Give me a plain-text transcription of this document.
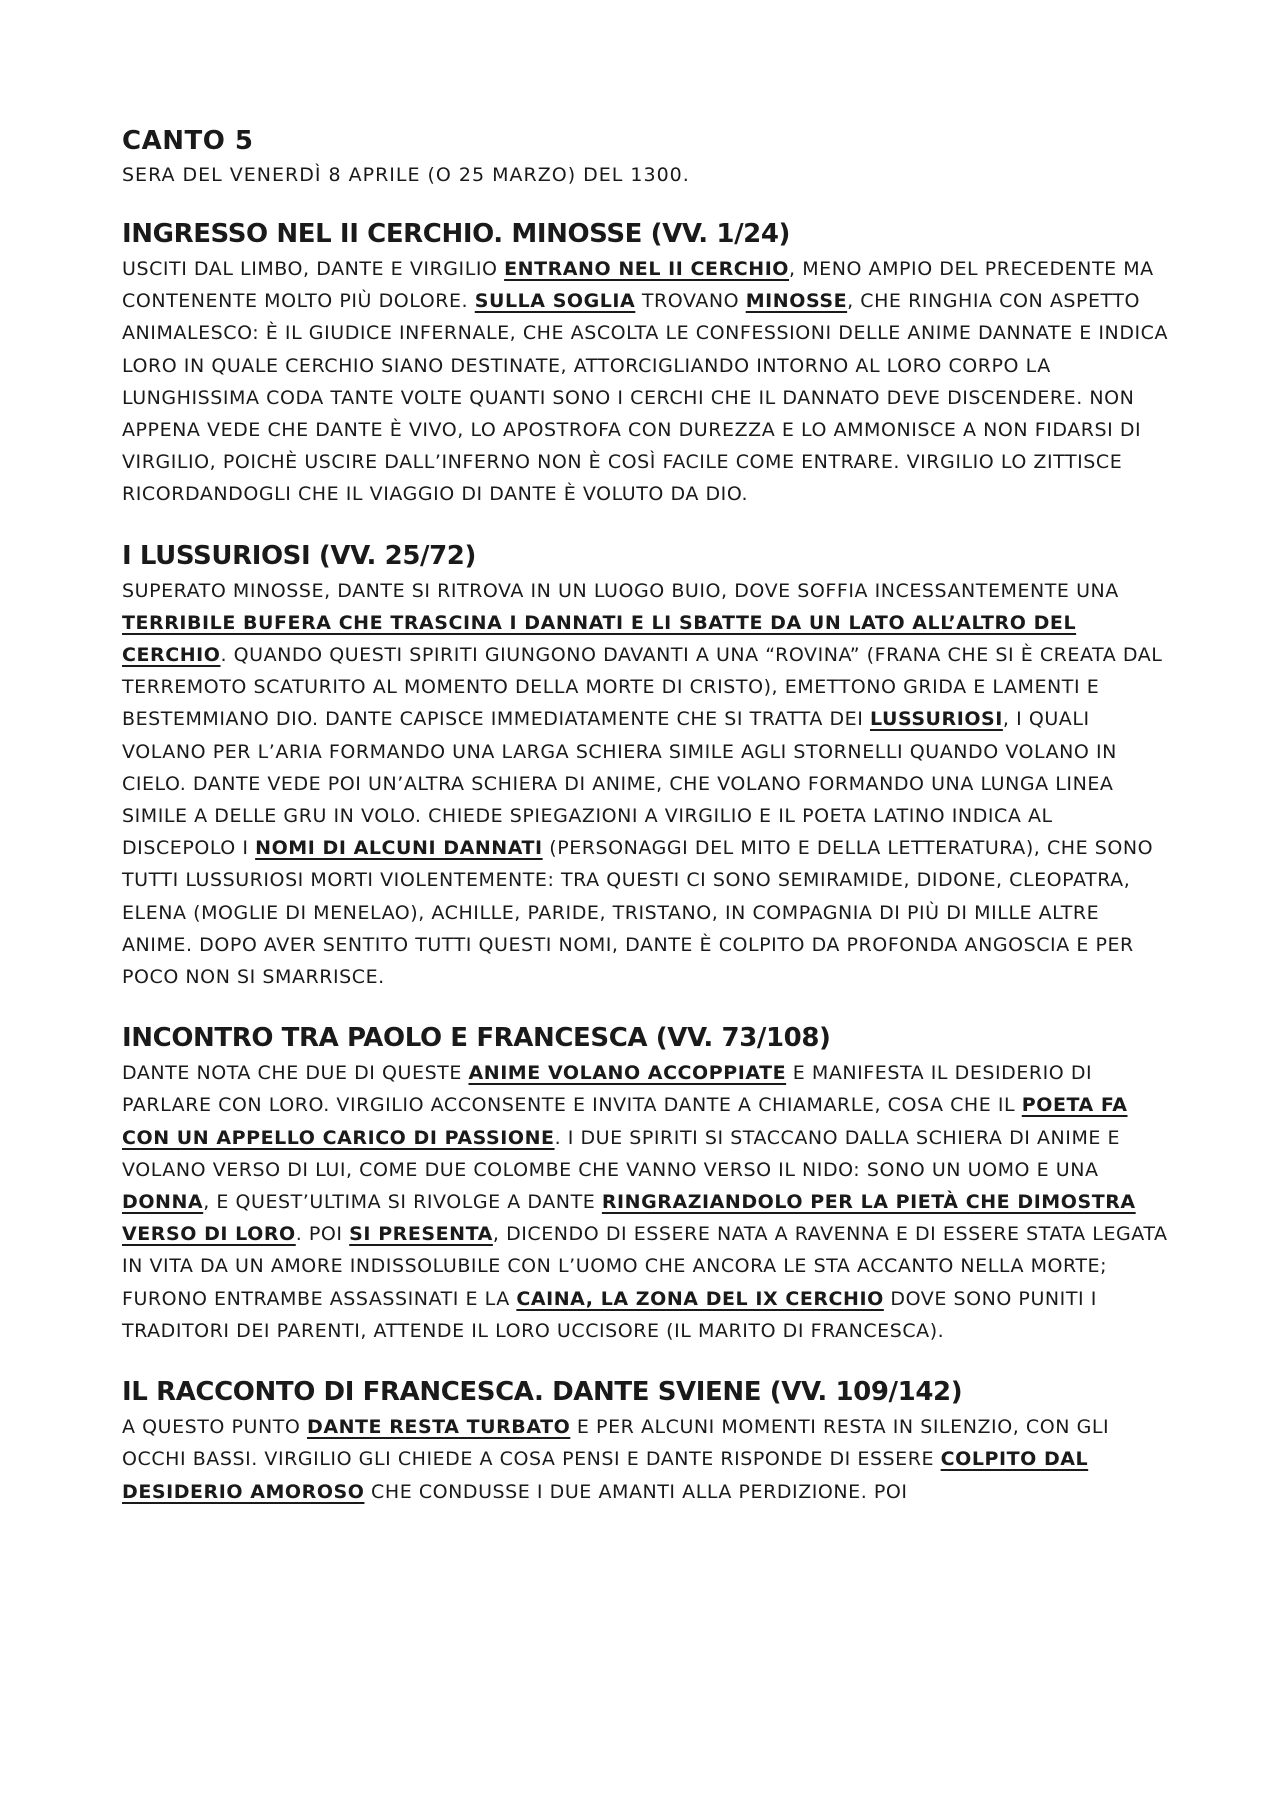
CANTO 5

SERA DEL VENERDÌ 8 APRILE (O 25 MARZO) DEL 1300.

INGRESSO NEL II CERCHIO. MINOSSE (VV. 1/24)

USCITI DAL LIMBO, DANTE E VIRGILIO ENTRANO NEL II CERCHIO, MENO AMPIO DEL PRECEDENTE MA CONTENENTE MOLTO PIÙ DOLORE. SULLA SOGLIA TROVANO MINOSSE, CHE RINGHIA CON ASPETTO ANIMALESCO: È IL GIUDICE INFERNALE, CHE ASCOLTA LE CONFESSIONI DELLE ANIME DANNATE E INDICA LORO IN QUALE CERCHIO SIANO DESTINATE, ATTORCIGLIANDO INTORNO AL LORO CORPO LA LUNGHISSIMA CODA TANTE VOLTE QUANTI SONO I CERCHI CHE IL DANNATO DEVE DISCENDERE. NON APPENA VEDE CHE DANTE È VIVO, LO APOSTROFA CON DUREZZA E LO AMMONISCE A NON FIDARSI DI VIRGILIO, POICHÈ USCIRE DALL’INFERNO NON È COSÌ FACILE COME ENTRARE. VIRGILIO LO ZITTISCE RICORDANDOGLI CHE IL VIAGGIO DI DANTE È VOLUTO DA DIO.

I LUSSURIOSI (VV. 25/72)

SUPERATO MINOSSE, DANTE SI RITROVA IN UN LUOGO BUIO, DOVE SOFFIA INCESSANTEMENTE UNA TERRIBILE BUFERA CHE TRASCINA I DANNATI E LI SBATTE DA UN LATO ALL’ALTRO DEL CERCHIO. QUANDO QUESTI SPIRITI GIUNGONO DAVANTI A UNA “ROVINA” (FRANA CHE SI È CREATA DAL TERREMOTO SCATURITO AL MOMENTO DELLA MORTE DI CRISTO), EMETTONO GRIDA E LAMENTI E BESTEMMIANO DIO. DANTE CAPISCE IMMEDIATAMENTE CHE SI TRATTA DEI LUSSURIOSI, I QUALI VOLANO PER L’ARIA FORMANDO UNA LARGA SCHIERA SIMILE AGLI STORNELLI QUANDO VOLANO IN CIELO. DANTE VEDE POI UN’ALTRA SCHIERA DI ANIME, CHE VOLANO FORMANDO UNA LUNGA LINEA SIMILE A DELLE GRU IN VOLO. CHIEDE SPIEGAZIONI A VIRGILIO E IL POETA LATINO INDICA AL DISCEPOLO I NOMI DI ALCUNI DANNATI (PERSONAGGI DEL MITO E DELLA LETTERATURA), CHE SONO TUTTI LUSSURIOSI MORTI VIOLENTEMENTE: TRA QUESTI CI SONO SEMIRAMIDE, DIDONE, CLEOPATRA, ELENA (MOGLIE DI MENELAO), ACHILLE, PARIDE, TRISTANO, IN COMPAGNIA DI PIÙ DI MILLE ALTRE ANIME. DOPO AVER SENTITO TUTTI QUESTI NOMI, DANTE È COLPITO DA PROFONDA ANGOSCIA E PER POCO NON SI SMARRISCE.

INCONTRO TRA PAOLO E FRANCESCA (VV. 73/108)

DANTE NOTA CHE DUE DI QUESTE ANIME VOLANO ACCOPPIATE E MANIFESTA IL DESIDERIO DI PARLARE CON LORO. VIRGILIO ACCONSENTE E INVITA DANTE A CHIAMARLE, COSA CHE IL POETA FA CON UN APPELLO CARICO DI PASSIONE. I DUE SPIRITI SI STACCANO DALLA SCHIERA DI ANIME E VOLANO VERSO DI LUI, COME DUE COLOMBE CHE VANNO VERSO IL NIDO: SONO UN UOMO E UNA DONNA, E QUEST’ULTIMA SI RIVOLGE A DANTE RINGRAZIANDOLO PER LA PIETÀ CHE DIMOSTRA VERSO DI LORO. POI SI PRESENTA, DICENDO DI ESSERE NATA A RAVENNA E DI ESSERE STATA LEGATA IN VITA DA UN AMORE INDISSOLUBILE CON L’UOMO CHE ANCORA LE STA ACCANTO NELLA MORTE; FURONO ENTRAMBE ASSASSINATI E LA CAINA, LA ZONA DEL IX CERCHIO DOVE SONO PUNITI I TRADITORI DEI PARENTI, ATTENDE IL LORO UCCISORE (IL MARITO DI FRANCESCA).

IL RACCONTO DI FRANCESCA. DANTE SVIENE (VV. 109/142)

A QUESTO PUNTO DANTE RESTA TURBATO E PER ALCUNI MOMENTI RESTA IN SILENZIO, CON GLI OCCHI BASSI. VIRGILIO GLI CHIEDE A COSA PENSI E DANTE RISPONDE DI ESSERE COLPITO DAL DESIDERIO AMOROSO CHE CONDUSSE I DUE AMANTI ALLA PERDIZIONE. POI
